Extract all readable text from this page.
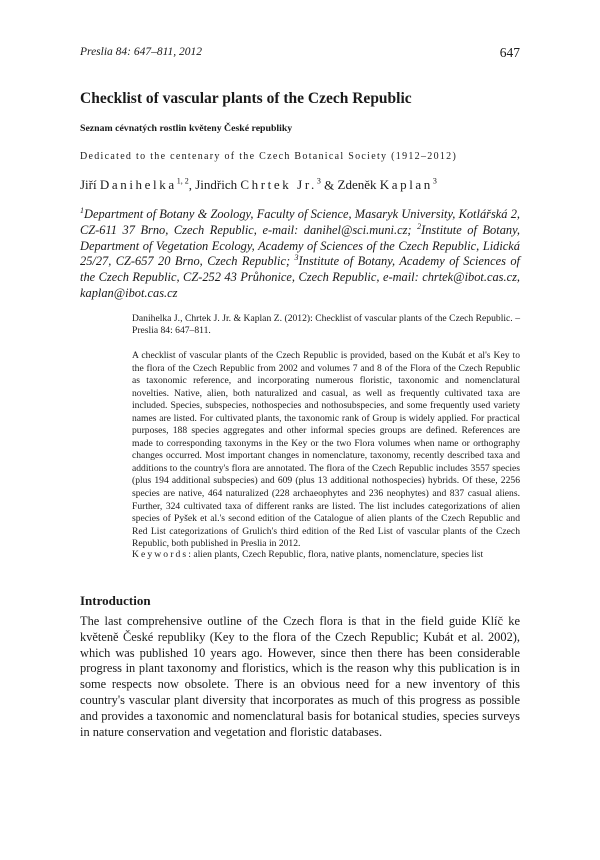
Preslia 84: 647–811, 2012	647
Checklist of vascular plants of the Czech Republic

Seznam cévnatých rostlin květeny České republiky

Dedicated to the centenary of the Czech Botanical Society (1912–2012)

Jiří Danihelka$^{1, 2}$, Jindřich Chrtek Jr.$^3$ & Zdeněk Kaplan$^3$

$^1$Department of Botany & Zoology, Faculty of Science, Masaryk University, Kotlářská 2, CZ-611 37 Brno, Czech Republic, e-mail: danihel@sci.muni.cz; $^2$Institute of Botany, Department of Vegetation Ecology, Academy of Sciences of the Czech Republic, Lidická 25/27, CZ-657 20 Brno, Czech Republic; $^3$Institute of Botany, Academy of Sciences of the Czech Republic, CZ-252 43 Průhonice, Czech Republic, e-mail: chrtek@ibot.cas.cz, kaplan@ibot.cas.cz

Danihelka J., Chrtek J. Jr. & Kaplan Z. (2012): Checklist of vascular plants of the Czech Republic. – Preslia 84: 647–811.

A checklist of vascular plants of the Czech Republic is provided, based on the Kubát et al's Key to the flora of the Czech Republic from 2002 and volumes 7 and 8 of the Flora of the Czech Republic as taxonomic reference, and incorporating numerous floristic, taxonomic and nomenclatural novelties. Native, alien, both naturalized and casual, as well as frequently cultivated taxa are included. Species, subspecies, nothospecies and nothosubspecies, and some frequently used variety names are listed. For cultivated plants, the taxonomic rank of Group is widely applied. For practical purposes, 188 species aggregates and other informal species groups are defined. References are made to corresponding taxonyms in the Key or the two Flora volumes when name or orthography changes occurred. Most important changes in nomenclature, taxonomy, recently described taxa and additions to the country's flora are annotated. The flora of the Czech Republic includes 3557 species (plus 194 additional subspecies) and 609 (plus 13 additional nothospecies) hybrids. Of these, 2256 species are native, 464 naturalized (228 archaeophytes and 236 neophytes) and 837 casual aliens. Further, 324 cultivated taxa of different ranks are listed. The list includes categorizations of alien species of Pyšek et al.'s second edition of the Catalogue of alien plants of the Czech Republic and Red List categorizations of Grulich's third edition of the Red List of vascular plants of the Czech Republic, both published in Preslia in 2012.

Keywords: alien plants, Czech Republic, flora, native plants, nomenclature, species list

Introduction

The last comprehensive outline of the Czech flora is that in the field guide Klíč ke květeně České republiky (Key to the flora of the Czech Republic; Kubát et al. 2002), which was published 10 years ago. However, since then there has been considerable progress in plant taxonomy and floristics, which is the reason why this publication is in some respects now obsolete. There is an obvious need for a new inventory of this country's vascular plant diversity that incorporates as much of this progress as possible and provides a taxonomic and nomenclatural basis for botanical studies, species surveys in nature conservation and vegetation and floristic databases.
